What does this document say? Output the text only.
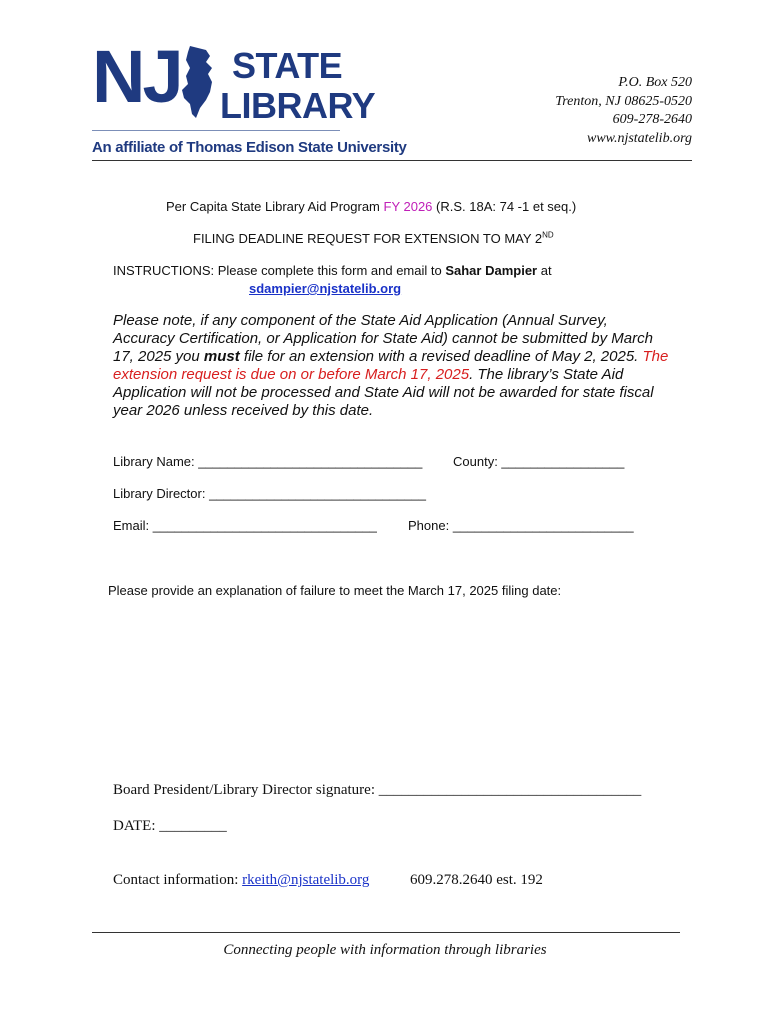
NJ STATE
LIBRARY
An affiliate of Thomas Edison State University
P.O. Box 520
Trenton, NJ 08625-0520
609-278-2640
www.njstatelib.org
Per Capita State Library Aid Program FY 2026 (R.S. 18A: 74 -1 et seq.)
FILING DEADLINE REQUEST FOR EXTENSION TO MAY 2ND
INSTRUCTIONS: Please complete this form and email to Sahar Dampier at
sdampier@njstatelib.org
Please note, if any component of the State Aid Application (Annual Survey, Accuracy Certification, or Application for State Aid) cannot be submitted by March 17, 2025 you must file for an extension with a revised deadline of May 2, 2025. The extension request is due on or before March 17, 2025. The library’s State Aid Application will not be processed and State Aid will not be awarded for state fiscal year 2026 unless received by this date.
Library Name: _______________________________ County: _________________
Library Director: ______________________________
Email: _______________________________ Phone: _________________________
Please provide an explanation of failure to meet the March 17, 2025 filing date:
Board President/Library Director signature: ___________________________________
DATE: _________
Contact information: rkeith@njstatelib.org	609.278.2640 est. 192
Connecting people with information through libraries
